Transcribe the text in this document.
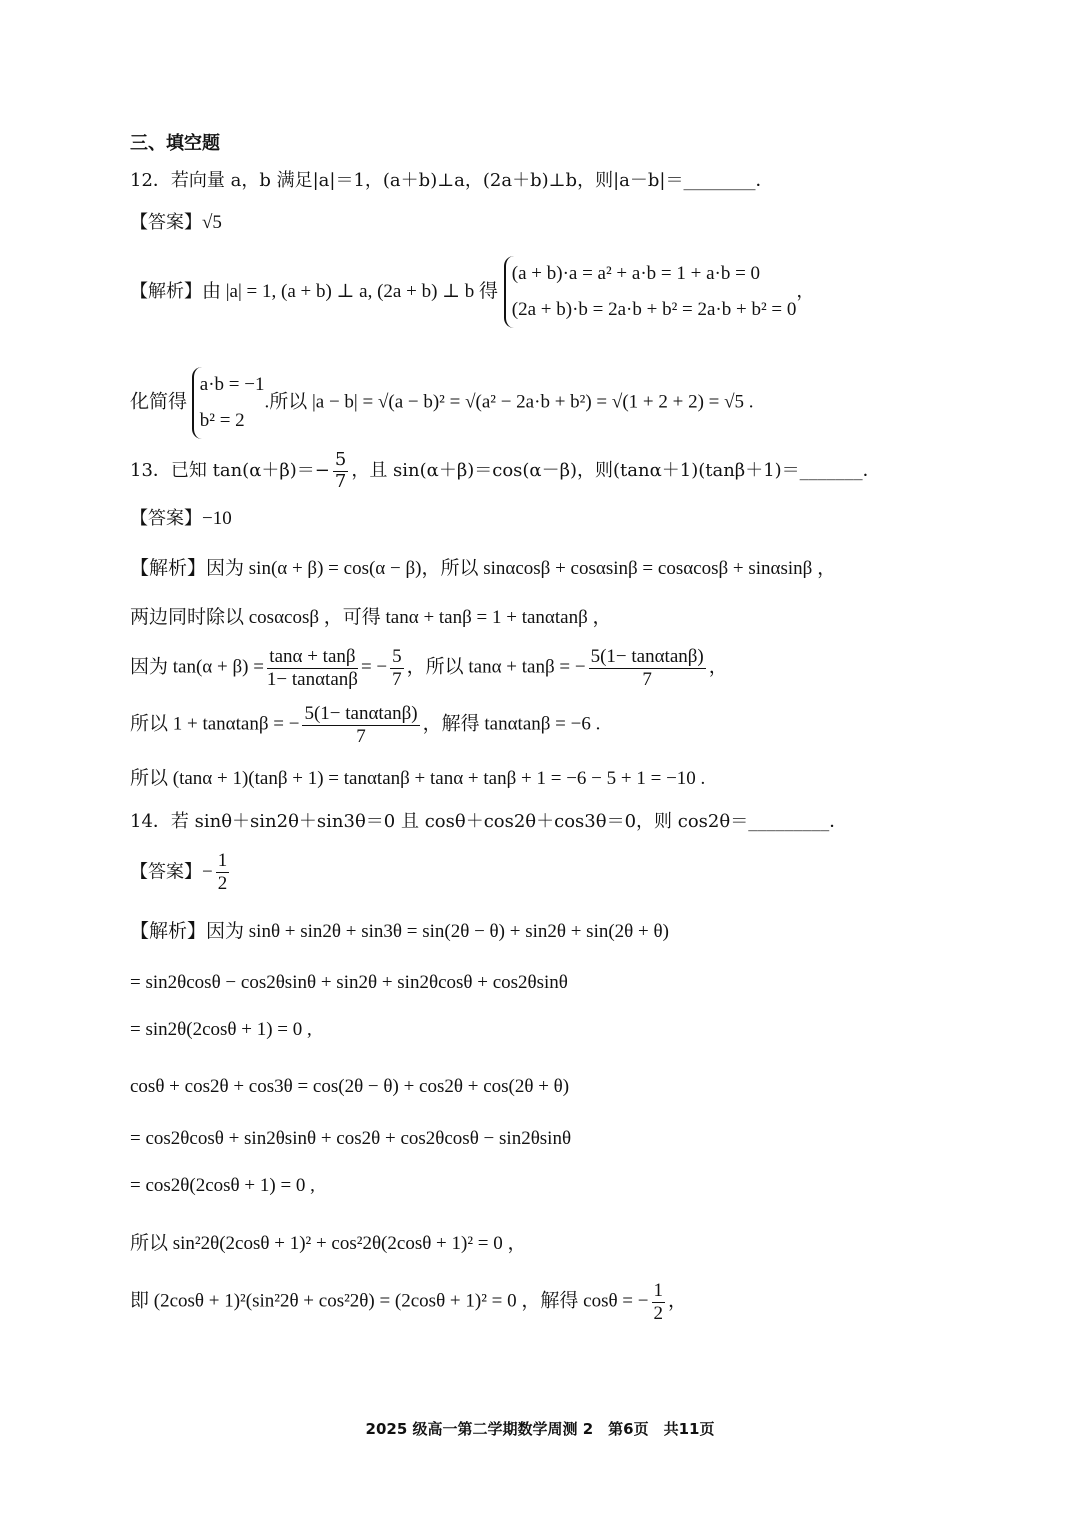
三、填空题
12．若向量 a，b 满足|a|＝1，(a＋b)⊥a，(2a＋b)⊥b，则|a－b|＝________．
【答案】√5
【解析】由 |a| = 1, (a + b) ⊥ a, (2a + b) ⊥ b 得
(a + b)·a = a² + a·b = 1 + a·b = 0
(2a + b)·b = 2a·b + b² = 2a·b + b² = 0
，
化简得
a·b = −1
b² = 2
.所以 |a − b| = √(a − b)² = √(a² − 2a·b + b²) = √(1 + 2 + 2) = √5 .
13．已知 $\tan(\alpha+\beta)=- \frac{5}{7}$ ，且 sin(α＋β)＝cos(α－β)，则(tanα＋1)(tanβ＋1)＝_______．
【答案】−10
【解析】因为 sin(α + β) = cos(α − β)，所以 sinαcosβ + cosαsinβ = cosαcosβ + sinαsinβ ，
两边同时除以 cosαcosβ ，可得 tanα + tanβ = 1 + tanαtanβ ，
因为 $\tan(\alpha + \beta) = \frac{\tan\alpha + \tan\beta}{1- \tan\alpha\tan\beta}$ = − $\frac{5}{7}$ ，所以 tanα + tanβ = − $\frac{5(1- \tan\alpha\tan\beta)}{7}$ ，
所以 1 + tanαtanβ = − $\frac{5(1- \tan\alpha\tan\beta)}{7}$ ，解得 tanαtanβ = −6 .
所以 (tanα + 1)(tanβ + 1) = tanαtanβ + tanα + tanβ + 1 = −6 − 5 + 1 = −10 .
14．若 sinθ＋sin2θ＋sin3θ＝0 且 cosθ＋cos2θ＋cos3θ＝0，则 cos2θ＝_________．
【答案】− $\frac{1}{2}$
【解析】因为 sinθ + sin2θ + sin3θ = sin(2θ − θ) + sin2θ + sin(2θ + θ)
= sin2θcosθ − cos2θsinθ + sin2θ + sin2θcosθ + cos2θsinθ
= sin2θ(2cosθ + 1) = 0 ,
cosθ + cos2θ + cos3θ = cos(2θ − θ) + cos2θ + cos(2θ + θ)
= cos2θcosθ + sin2θsinθ + cos2θ + cos2θcosθ − sin2θsinθ
= cos2θ(2cosθ + 1) = 0 ,
所以 sin²2θ(2cosθ + 1)² + cos²2θ(2cosθ + 1)² = 0 ，
即 (2cosθ + 1)²(sin²2θ + cos²2θ) = (2cosθ + 1)² = 0 ，解得 cosθ = − $\frac{1}{2}$ ，
2025 级高一第二学期数学周测 2　第6页　共11页
